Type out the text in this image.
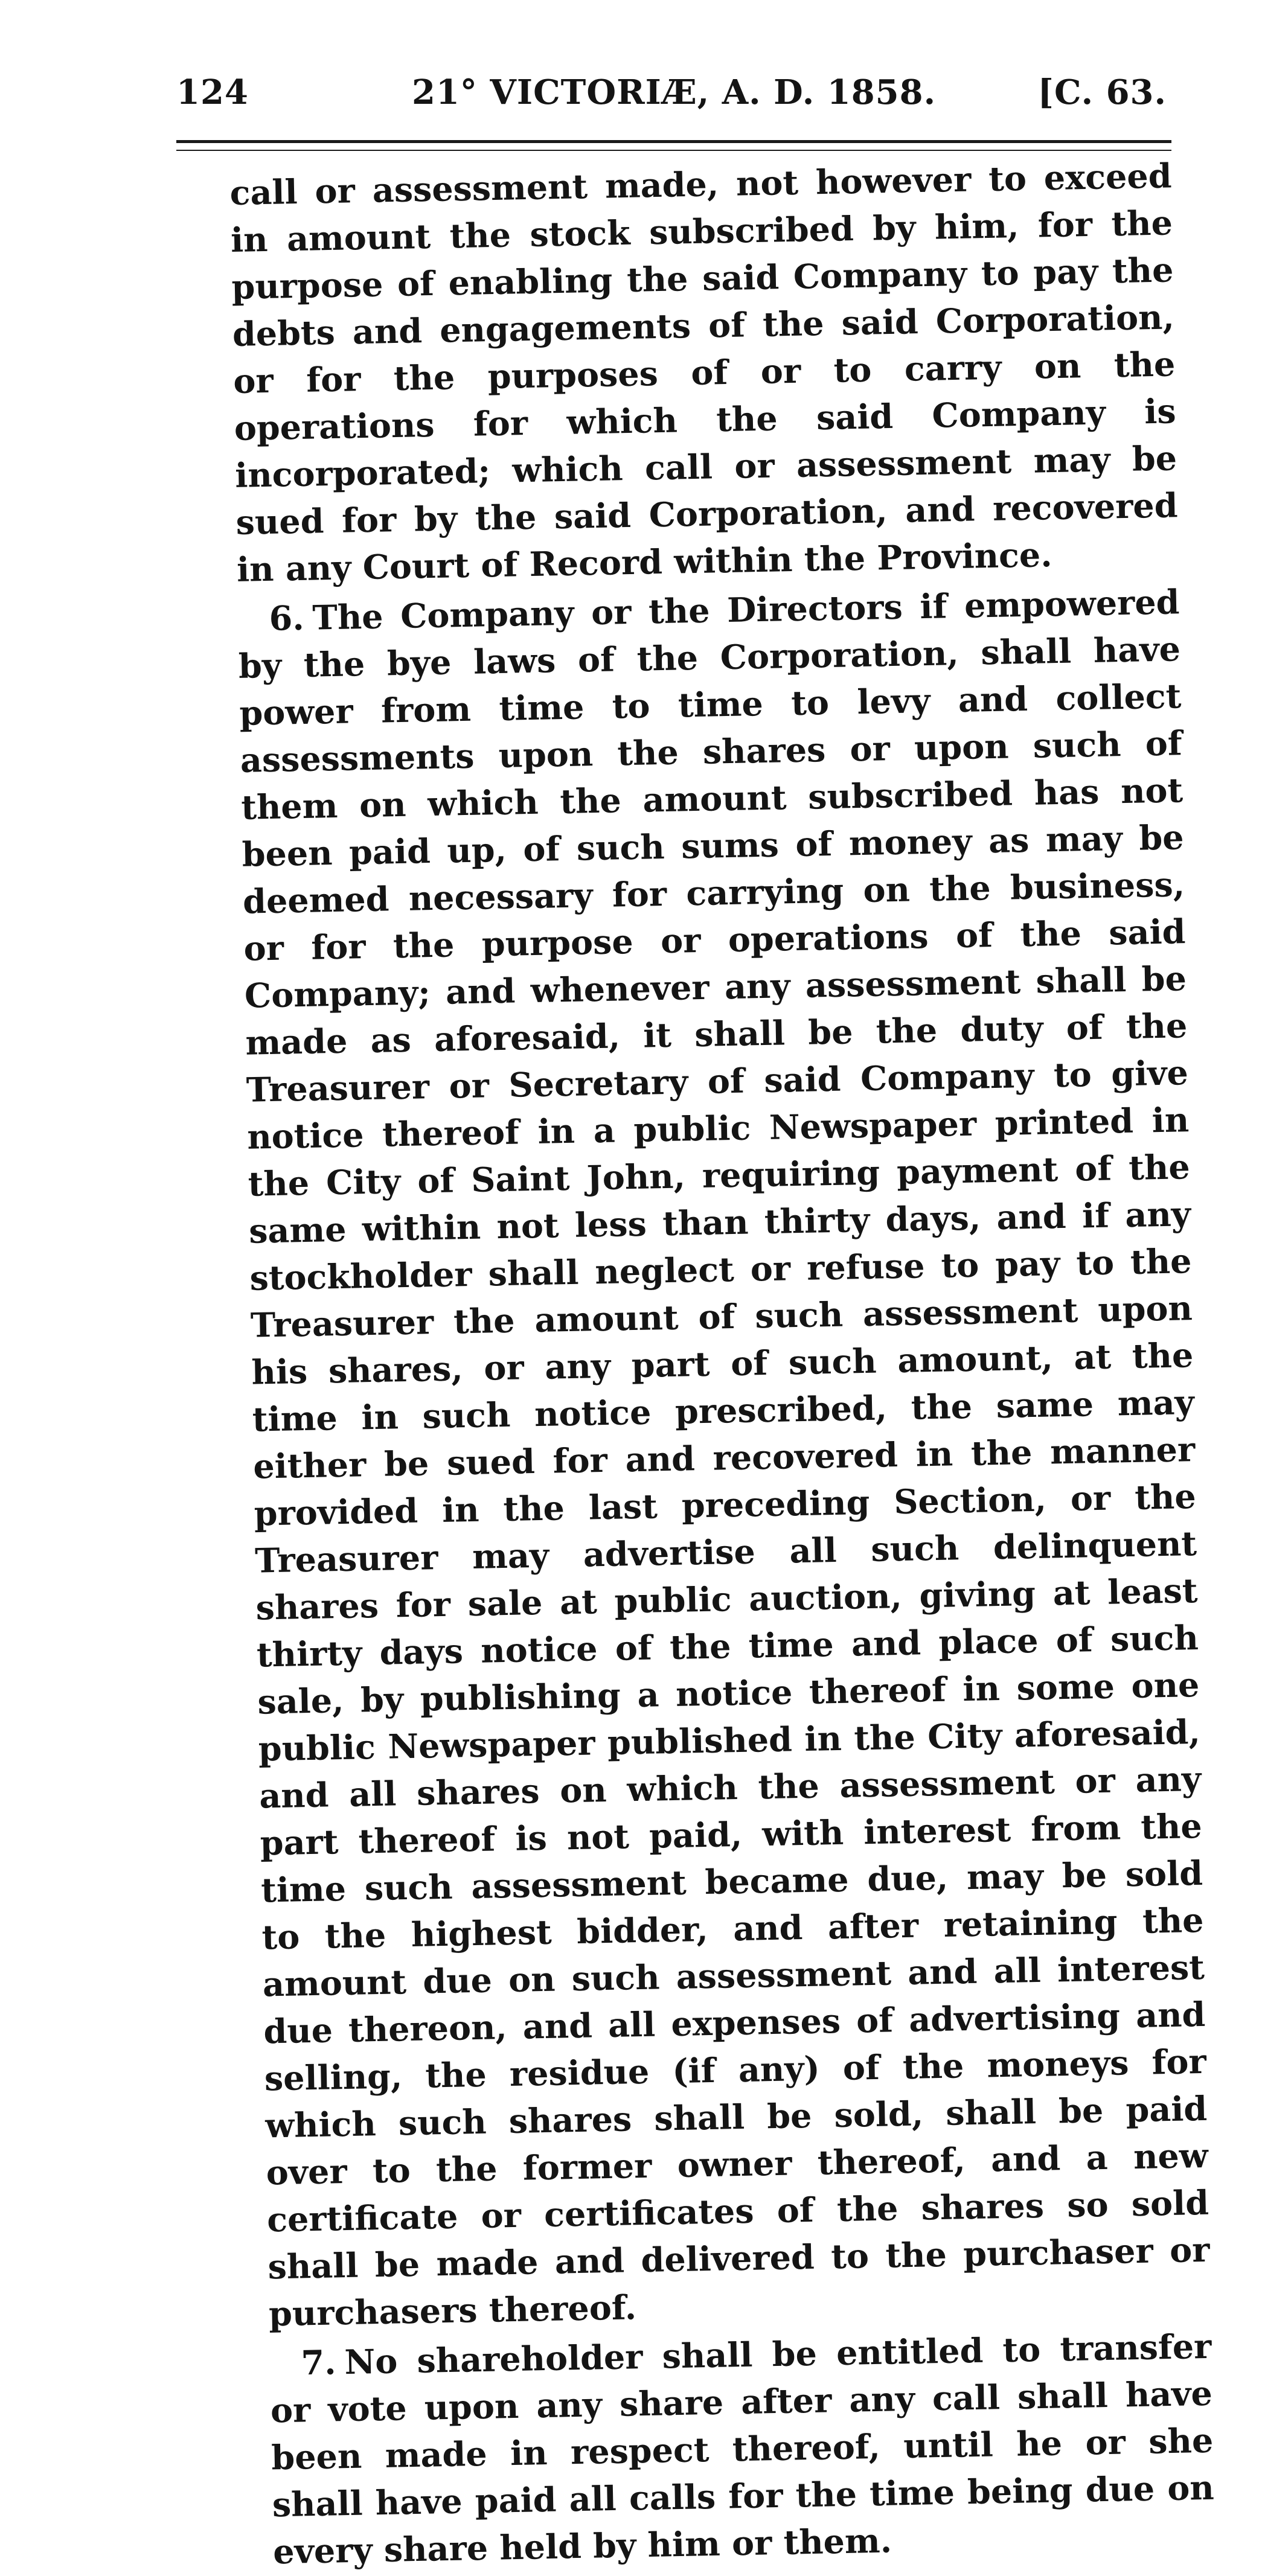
124	21° VICTORIÆ, A. D. 1858.	[C. 63.

call or assessment made, not however to exceed in amount the stock subscribed by him, for the purpose of enabling the said Company to pay the debts and engagements of the said Corporation, or for the purposes of or to carry on the operations for which the said Company is incorporated; which call or assessment may be sued for by the said Corporation, and recovered in any Court of Record within the Province.

6. The Company or the Directors if empowered by the bye laws of the Corporation, shall have power from time to time to levy and collect assessments upon the shares or upon such of them on which the amount subscribed has not been paid up, of such sums of money as may be deemed necessary for carrying on the business, or for the purpose or operations of the said Company; and whenever any assessment shall be made as aforesaid, it shall be the duty of the Treasurer or Secretary of said Company to give notice thereof in a public Newspaper printed in the City of Saint John, requiring payment of the same within not less than thirty days, and if any stockholder shall neglect or refuse to pay to the Treasurer the amount of such assessment upon his shares, or any part of such amount, at the time in such notice prescribed, the same may either be sued for and recovered in the manner provided in the last preceding Section, or the Treasurer may advertise all such delinquent shares for sale at public auction, giving at least thirty days notice of the time and place of such sale, by publishing a notice thereof in some one public Newspaper published in the City aforesaid, and all shares on which the assessment or any part thereof is not paid, with interest from the time such assessment became due, may be sold to the highest bidder, and after retaining the amount due on such assessment and all interest due thereon, and all expenses of advertising and selling, the residue (if any) of the moneys for which such shares shall be sold, shall be paid over to the former owner thereof, and a new certificate or certificates of the shares so sold shall be made and delivered to the purchaser or purchasers thereof.

7. No shareholder shall be entitled to transfer or vote upon any share after any call shall have been made in respect thereof, until he or she shall have paid all calls for the time being due on every share held by him or them.
